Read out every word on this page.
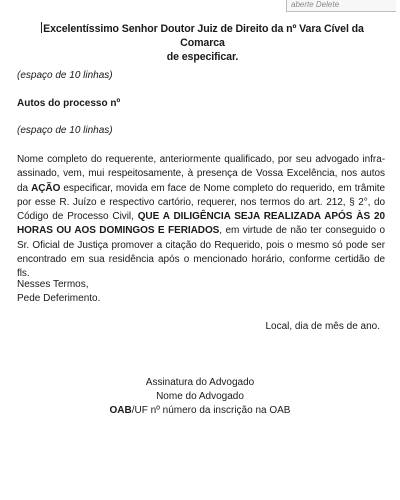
aberte Delete
Excelentíssimo Senhor Doutor Juiz de Direito da nº Vara Cível da Comarca
de especificar.
(espaço de 10 linhas)
Autos do processo nº
(espaço de 10 linhas)
Nome completo do requerente, anteriormente qualificado, por seu advogado infra-assinado, vem, mui respeitosamente, à presença de Vossa Excelência, nos autos da AÇÃO especificar, movida em face de Nome completo do requerido, em trâmite por esse R. Juízo e respectivo cartório, requerer, nos termos do art. 212, § 2°, do Código de Processo Civil, QUE A DILIGÊNCIA SEJA REALIZADA APÓS ÀS 20 HORAS OU AOS DOMINGOS E FERIADOS, em virtude de não ter conseguido o Sr. Oficial de Justiça promover a citação do Requerido, pois o mesmo só pode ser encontrado em sua residência após o mencionado horário, conforme certidão de fls.
Nesses Termos,
Pede Deferimento.
Local, dia de mês de ano.
Assinatura do Advogado
Nome do Advogado
OAB/UF nº número da inscrição na OAB
